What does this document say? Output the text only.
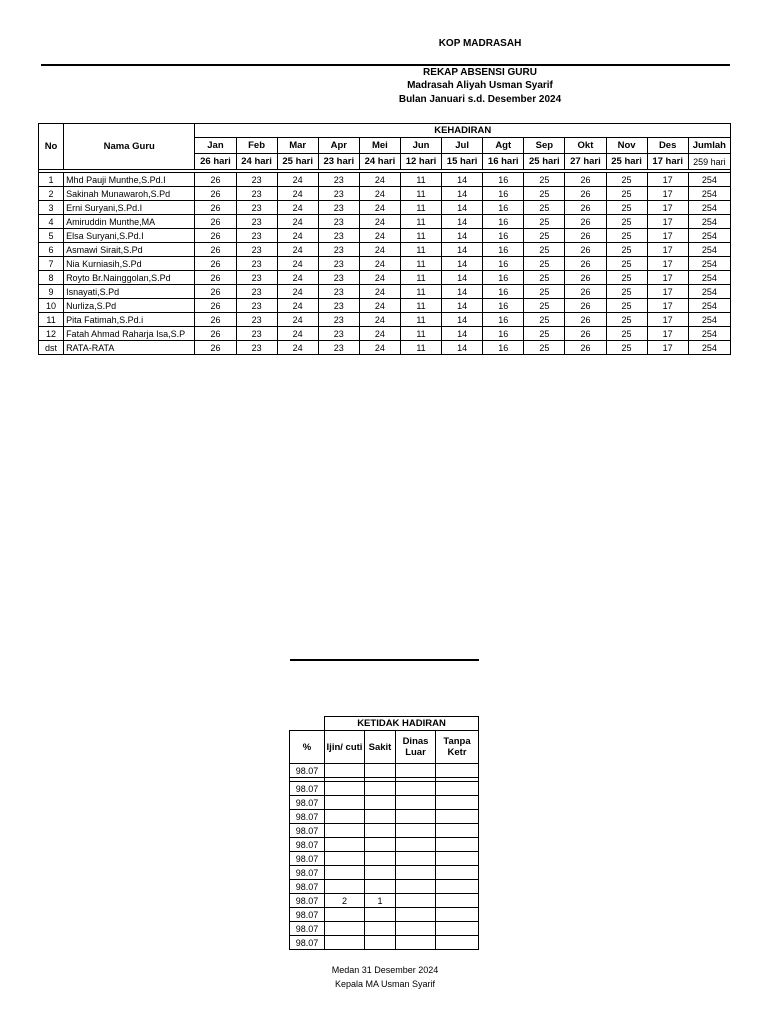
KOP MADRASAH
REKAP ABSENSI GURU
Madrasah Aliyah Usman Syarif
Bulan Januari s.d. Desember 2024
No	Nama Guru	KEHADIRAN												
		Jan	Feb	Mar	Apr	Mei	Jun	Jul	Agt	Sep	Okt	Nov	Des	Jumlah
		26 hari	24 hari	25 hari	23 hari	24 hari	12 hari	15 hari	16 hari	25 hari	27 hari	25 hari	17 hari	259 hari

1	Mhd Pauji Munthe,S.Pd.I	26	23	24	23	24	11	14	16	25	26	25	17	254
2	Sakinah Munawaroh,S.Pd	26	23	24	23	24	11	14	16	25	26	25	17	254
3	Erni Suryani,S.Pd.I	26	23	24	23	24	11	14	16	25	26	25	17	254
4	Amiruddin Munthe,MA	26	23	24	23	24	11	14	16	25	26	25	17	254
5	Elsa Suryani,S.Pd.I	26	23	24	23	24	11	14	16	25	26	25	17	254
6	Asmawi Sirait,S.Pd	26	23	24	23	24	11	14	16	25	26	25	17	254
7	Nia Kurniasih,S.Pd	26	23	24	23	24	11	14	16	25	26	25	17	254
8	Royto Br.Nainggolan,S.Pd	26	23	24	23	24	11	14	16	25	26	25	17	254
9	Isnayati,S.Pd	26	23	24	23	24	11	14	16	25	26	25	17	254
10	Nurliza,S.Pd	26	23	24	23	24	11	14	16	25	26	25	17	254
11	Pita Fatimah,S.Pd.i	26	23	24	23	24	11	14	16	25	26	25	17	254
12	Fatah Ahmad Raharja Isa,S.P	26	23	24	23	24	11	14	16	25	26	25	17	254
dst	RATA-RATA	26	23	24	23	24	11	14	16	25	26	25	17	254
	KETIDAK HADIRAN			
%	Ijin/ cuti	Sakit	Dinas Luar	Tanpa Ketr
98.07				

98.07				
98.07				
98.07				
98.07				
98.07				
98.07				
98.07				
98.07				
98.07	2	1		
98.07				
98.07				
98.07				
Medan 31 Desember 2024
Kepala MA Usman Syarif
